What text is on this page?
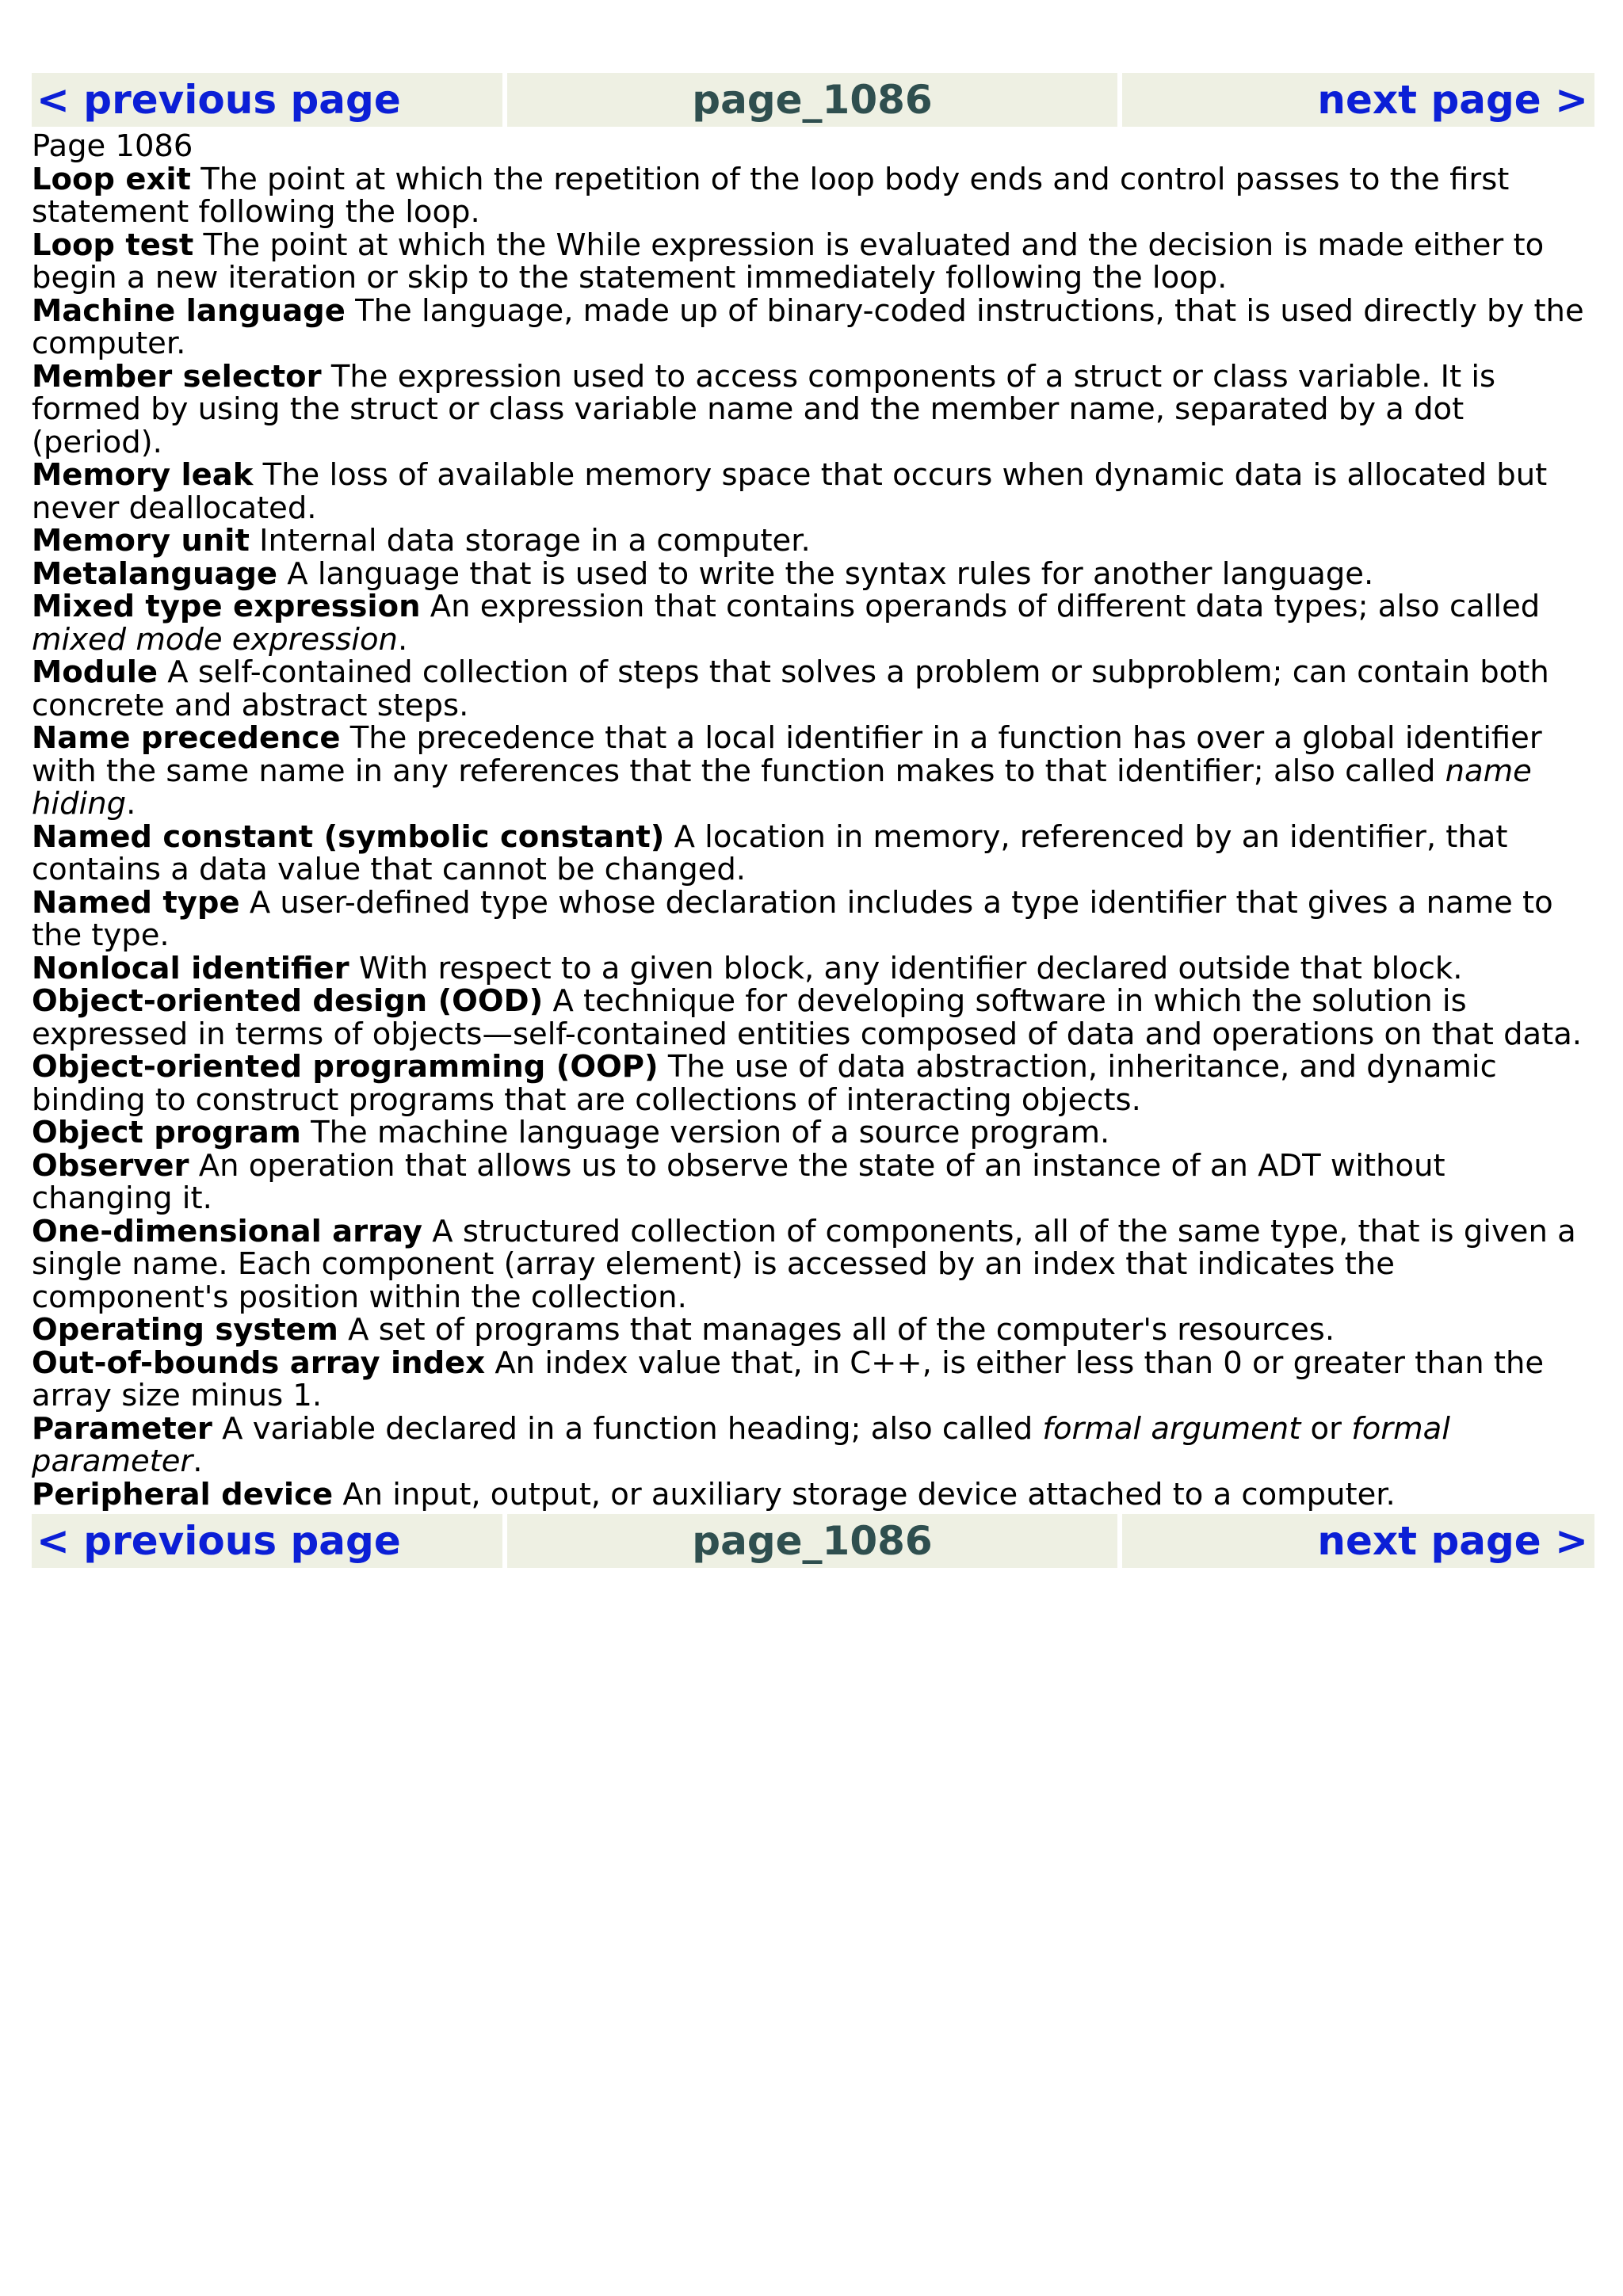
< previous page	page_1086	next page >
Page 1086

Loop exit The point at which the repetition of the loop body ends and control passes to the first statement following the loop.

Loop test The point at which the While expression is evaluated and the decision is made either to begin a new iteration or skip to the statement immediately following the loop.

Machine language The language, made up of binary-coded instructions, that is used directly by the computer.

Member selector The expression used to access components of a struct or class variable. It is formed by using the struct or class variable name and the member name, separated by a dot (period).

Memory leak The loss of available memory space that occurs when dynamic data is allocated but never deallocated.

Memory unit Internal data storage in a computer.

Metalanguage A language that is used to write the syntax rules for another language.

Mixed type expression An expression that contains operands of different data types; also called mixed mode expression.

Module A self-contained collection of steps that solves a problem or subproblem; can contain both concrete and abstract steps.

Name precedence The precedence that a local identifier in a function has over a global identifier with the same name in any references that the function makes to that identifier; also called name hiding.

Named constant (symbolic constant) A location in memory, referenced by an identifier, that contains a data value that cannot be changed.

Named type A user-defined type whose declaration includes a type identifier that gives a name to the type.

Nonlocal identifier With respect to a given block, any identifier declared outside that block.

Object-oriented design (OOD) A technique for developing software in which the solution is expressed in terms of objects—self-contained entities composed of data and operations on that data.

Object-oriented programming (OOP) The use of data abstraction, inheritance, and dynamic binding to construct programs that are collections of interacting objects.

Object program The machine language version of a source program.

Observer An operation that allows us to observe the state of an instance of an ADT without changing it.

One-dimensional array A structured collection of components, all of the same type, that is given a single name. Each component (array element) is accessed by an index that indicates the component's position within the collection.

Operating system A set of programs that manages all of the computer's resources.

Out-of-bounds array index An index value that, in C++, is either less than 0 or greater than the array size minus 1.

Parameter A variable declared in a function heading; also called formal argument or formal parameter.

Peripheral device An input, output, or auxiliary storage device attached to a computer.

< previous page	page_1086	next page >
